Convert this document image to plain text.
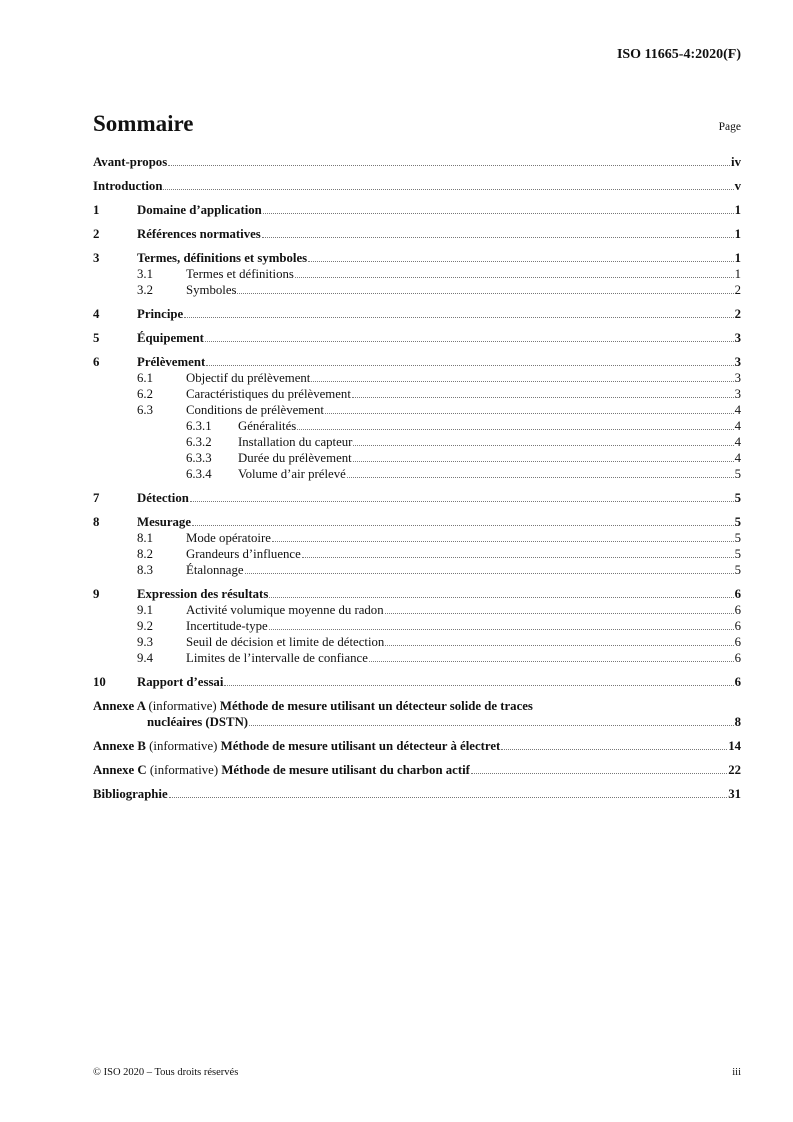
ISO 11665-4:2020(F)
Sommaire	Page
Avant-propos	iv
Introduction	v
1	Domaine d’application	1
2	Références normatives	1
3	Termes, définitions et symboles	1
3.1	Termes et définitions	1
3.2	Symboles	2
4	Principe	2
5	Équipement	3
6	Prélèvement	3
6.1	Objectif du prélèvement	3
6.2	Caractéristiques du prélèvement	3
6.3	Conditions de prélèvement	4
6.3.1	Généralités	4
6.3.2	Installation du capteur	4
6.3.3	Durée du prélèvement	4
6.3.4	Volume d’air prélevé	5
7	Détection	5
8	Mesurage	5
8.1	Mode opératoire	5
8.2	Grandeurs d’influence	5
8.3	Étalonnage	5
9	Expression des résultats	6
9.1	Activité volumique moyenne du radon	6
9.2	Incertitude-type	6
9.3	Seuil de décision et limite de détection	6
9.4	Limites de l’intervalle de confiance	6
10	Rapport d’essai	6
Annexe A (informative) Méthode de mesure utilisant un détecteur solide de traces
nucléaires (DSTN)	8
Annexe B (informative) Méthode de mesure utilisant un détecteur à électret	14
Annexe C (informative) Méthode de mesure utilisant du charbon actif	22
Bibliographie	31
© ISO 2020 – Tous droits réservés	iii
